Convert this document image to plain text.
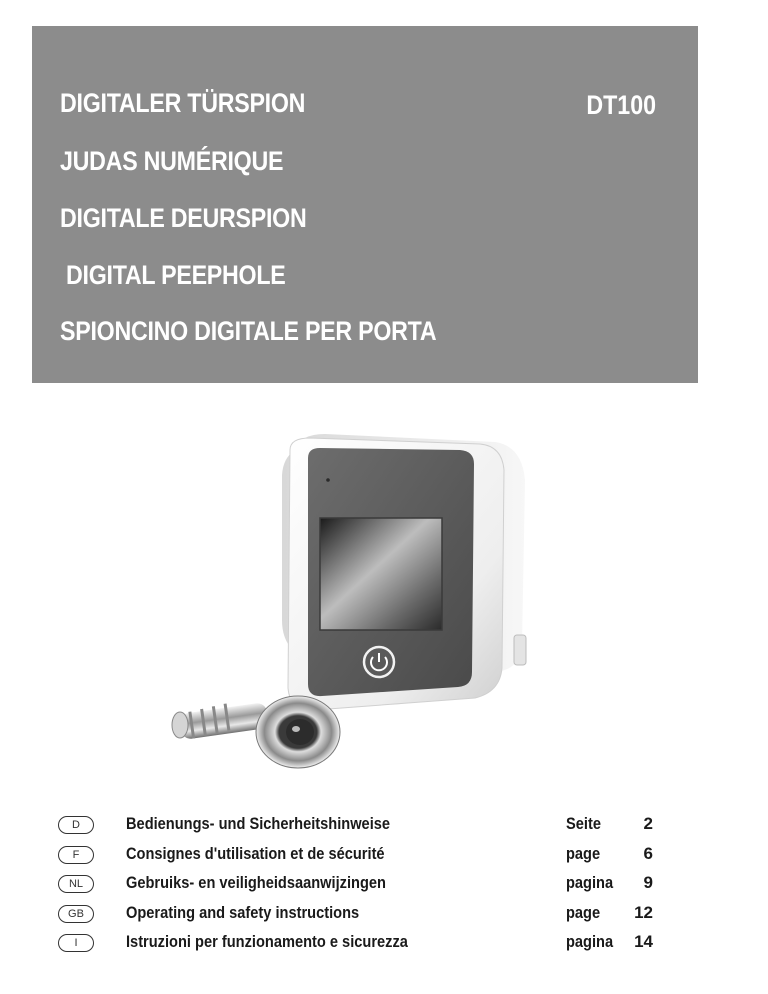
DIGITALER TÜRSPION
JUDAS NUMÉRIQUE
DIGITALE DEURSPION
DIGITAL PEEPHOLE
SPIONCINO DIGITALE PER PORTA
DT100
D	Bedienungs- und Sicherheitshinweise	Seite	2
F	Consignes d'utilisation et de sécurité	page	6
NL	Gebruiks- en veiligheidsaanwijzingen	pagina	9
GB	Operating and safety instructions	page	12
I	Istruzioni per funzionamento e sicurezza	pagina	14
